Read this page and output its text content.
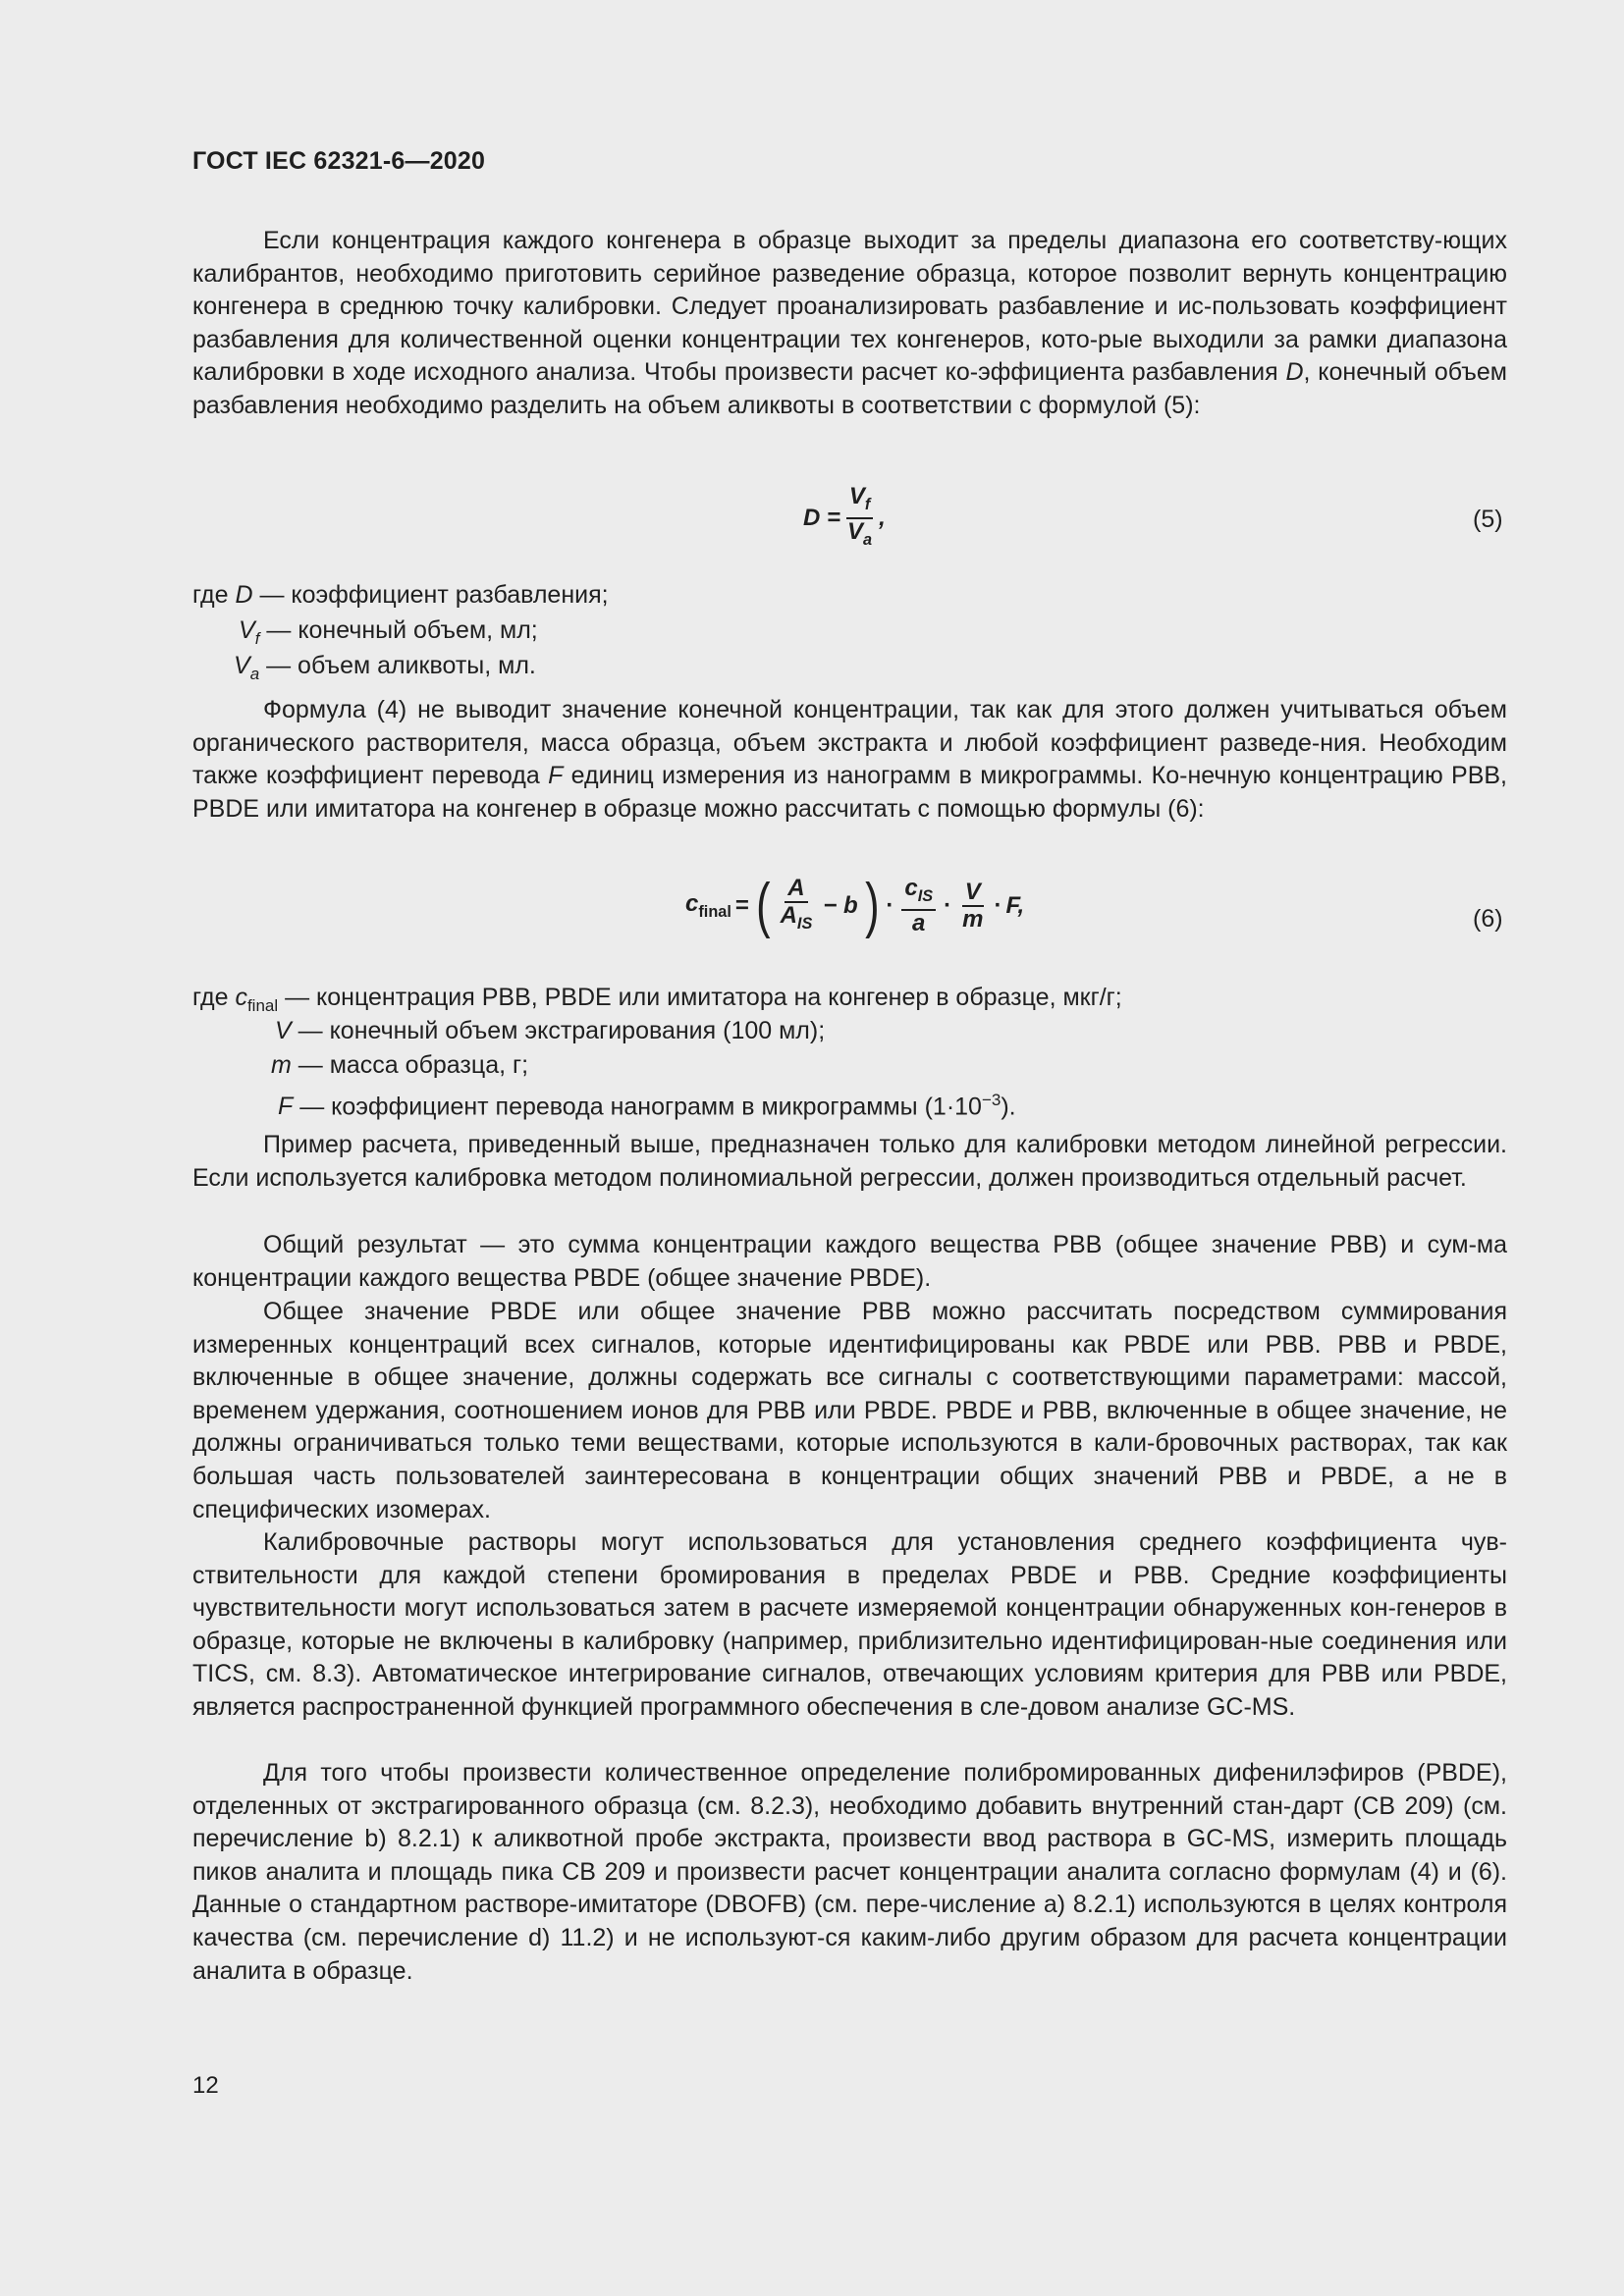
ГОСТ IEC 62321-6—2020

Если концентрация каждого конгенера в образце выходит за пределы диапазона его соответству-ющих калибрантов, необходимо приготовить серийное разведение образца, которое позволит вернуть концентрацию конгенера в среднюю точку калибровки. Следует проанализировать разбавление и ис-пользовать коэффициент разбавления для количественной оценки концентрации тех конгенеров, кото-рые выходили за рамки диапазона калибровки в ходе исходного анализа. Чтобы произвести расчет ко-эффициента разбавления D, конечный объем разбавления необходимо разделить на объем аликвоты в соответствии с формулой (5):

$D = \frac{V_f}{V_a}$ ,	(5)
где D — коэффициент разбавления;
$V_f$ — конечный объем, мл;
$V_a$ — объем аликвоты, мл.

Формула (4) не выводит значение конечной концентрации, так как для этого должен учитываться объем органического растворителя, масса образца, объем экстракта и любой коэффициент разведе-ния. Необходим также коэффициент перевода F единиц измерения из нанограмм в микрограммы. Ко-нечную концентрацию PBB, PBDE или имитатора на конгенер в образце можно рассчитать с помощью формулы (6):

$c_{final}$ = ( $\frac{A}{A_{IS}} - b$ ) · $\frac{c_{IS}}{a} \cdot \frac{V}{m} \cdot F$,	(6)
где $c_{final}$ — концентрация PBB, PBDE или имитатора на конгенер в образце, мкг/г;
V — конечный объем экстрагирования (100 мл);
m — масса образца, г;
F — коэффициент перевода нанограмм в микрограммы $(1\cdot 10^{-3})$.

Пример расчета, приведенный выше, предназначен только для калибровки методом линейной регрессии. Если используется калибровка методом полиномиальной регрессии, должен производиться отдельный расчет.

Общий результат — это сумма концентрации каждого вещества PBB (общее значение PBB) и сум-ма концентрации каждого вещества PBDE (общее значение PBDE).

Общее значение PBDE или общее значение PBB можно рассчитать посредством суммирования измеренных концентраций всех сигналов, которые идентифицированы как PBDE или PBB. PBB и PBDE, включенные в общее значение, должны содержать все сигналы с соответствующими параметрами: массой, временем удержания, соотношением ионов для PBB или PBDE. PBDE и PBB, включенные в общее значение, не должны ограничиваться только теми веществами, которые используются в кали-бровочных растворах, так как большая часть пользователей заинтересована в концентрации общих значений PBB и PBDE, а не в специфических изомерах.

Калибровочные растворы могут использоваться для установления среднего коэффициента чув-ствительности для каждой степени бромирования в пределах PBDE и PBB. Средние коэффициенты чувствительности могут использоваться затем в расчете измеряемой концентрации обнаруженных кон-генеров в образце, которые не включены в калибровку (например, приблизительно идентифицирован-ные соединения или TICS, см. 8.3). Автоматическое интегрирование сигналов, отвечающих условиям критерия для PBB или PBDE, является распространенной функцией программного обеспечения в сле-довом анализе GC-MS.

Для того чтобы произвести количественное определение полибромированных дифенилэфиров (PBDE), отделенных от экстрагированного образца (см. 8.2.3), необходимо добавить внутренний стан-дарт (CB 209) (см. перечисление b) 8.2.1) к аликвотной пробе экстракта, произвести ввод раствора в GC-MS, измерить площадь пиков аналита и площадь пика CB 209 и произвести расчет концентрации аналита согласно формулам (4) и (6). Данные о стандартном растворе-имитаторе (DBOFB) (см. пере-числение a) 8.2.1) используются в целях контроля качества (см. перечисление d) 11.2) и не используют-ся каким-либо другим образом для расчета концентрации аналита в образце.

12
